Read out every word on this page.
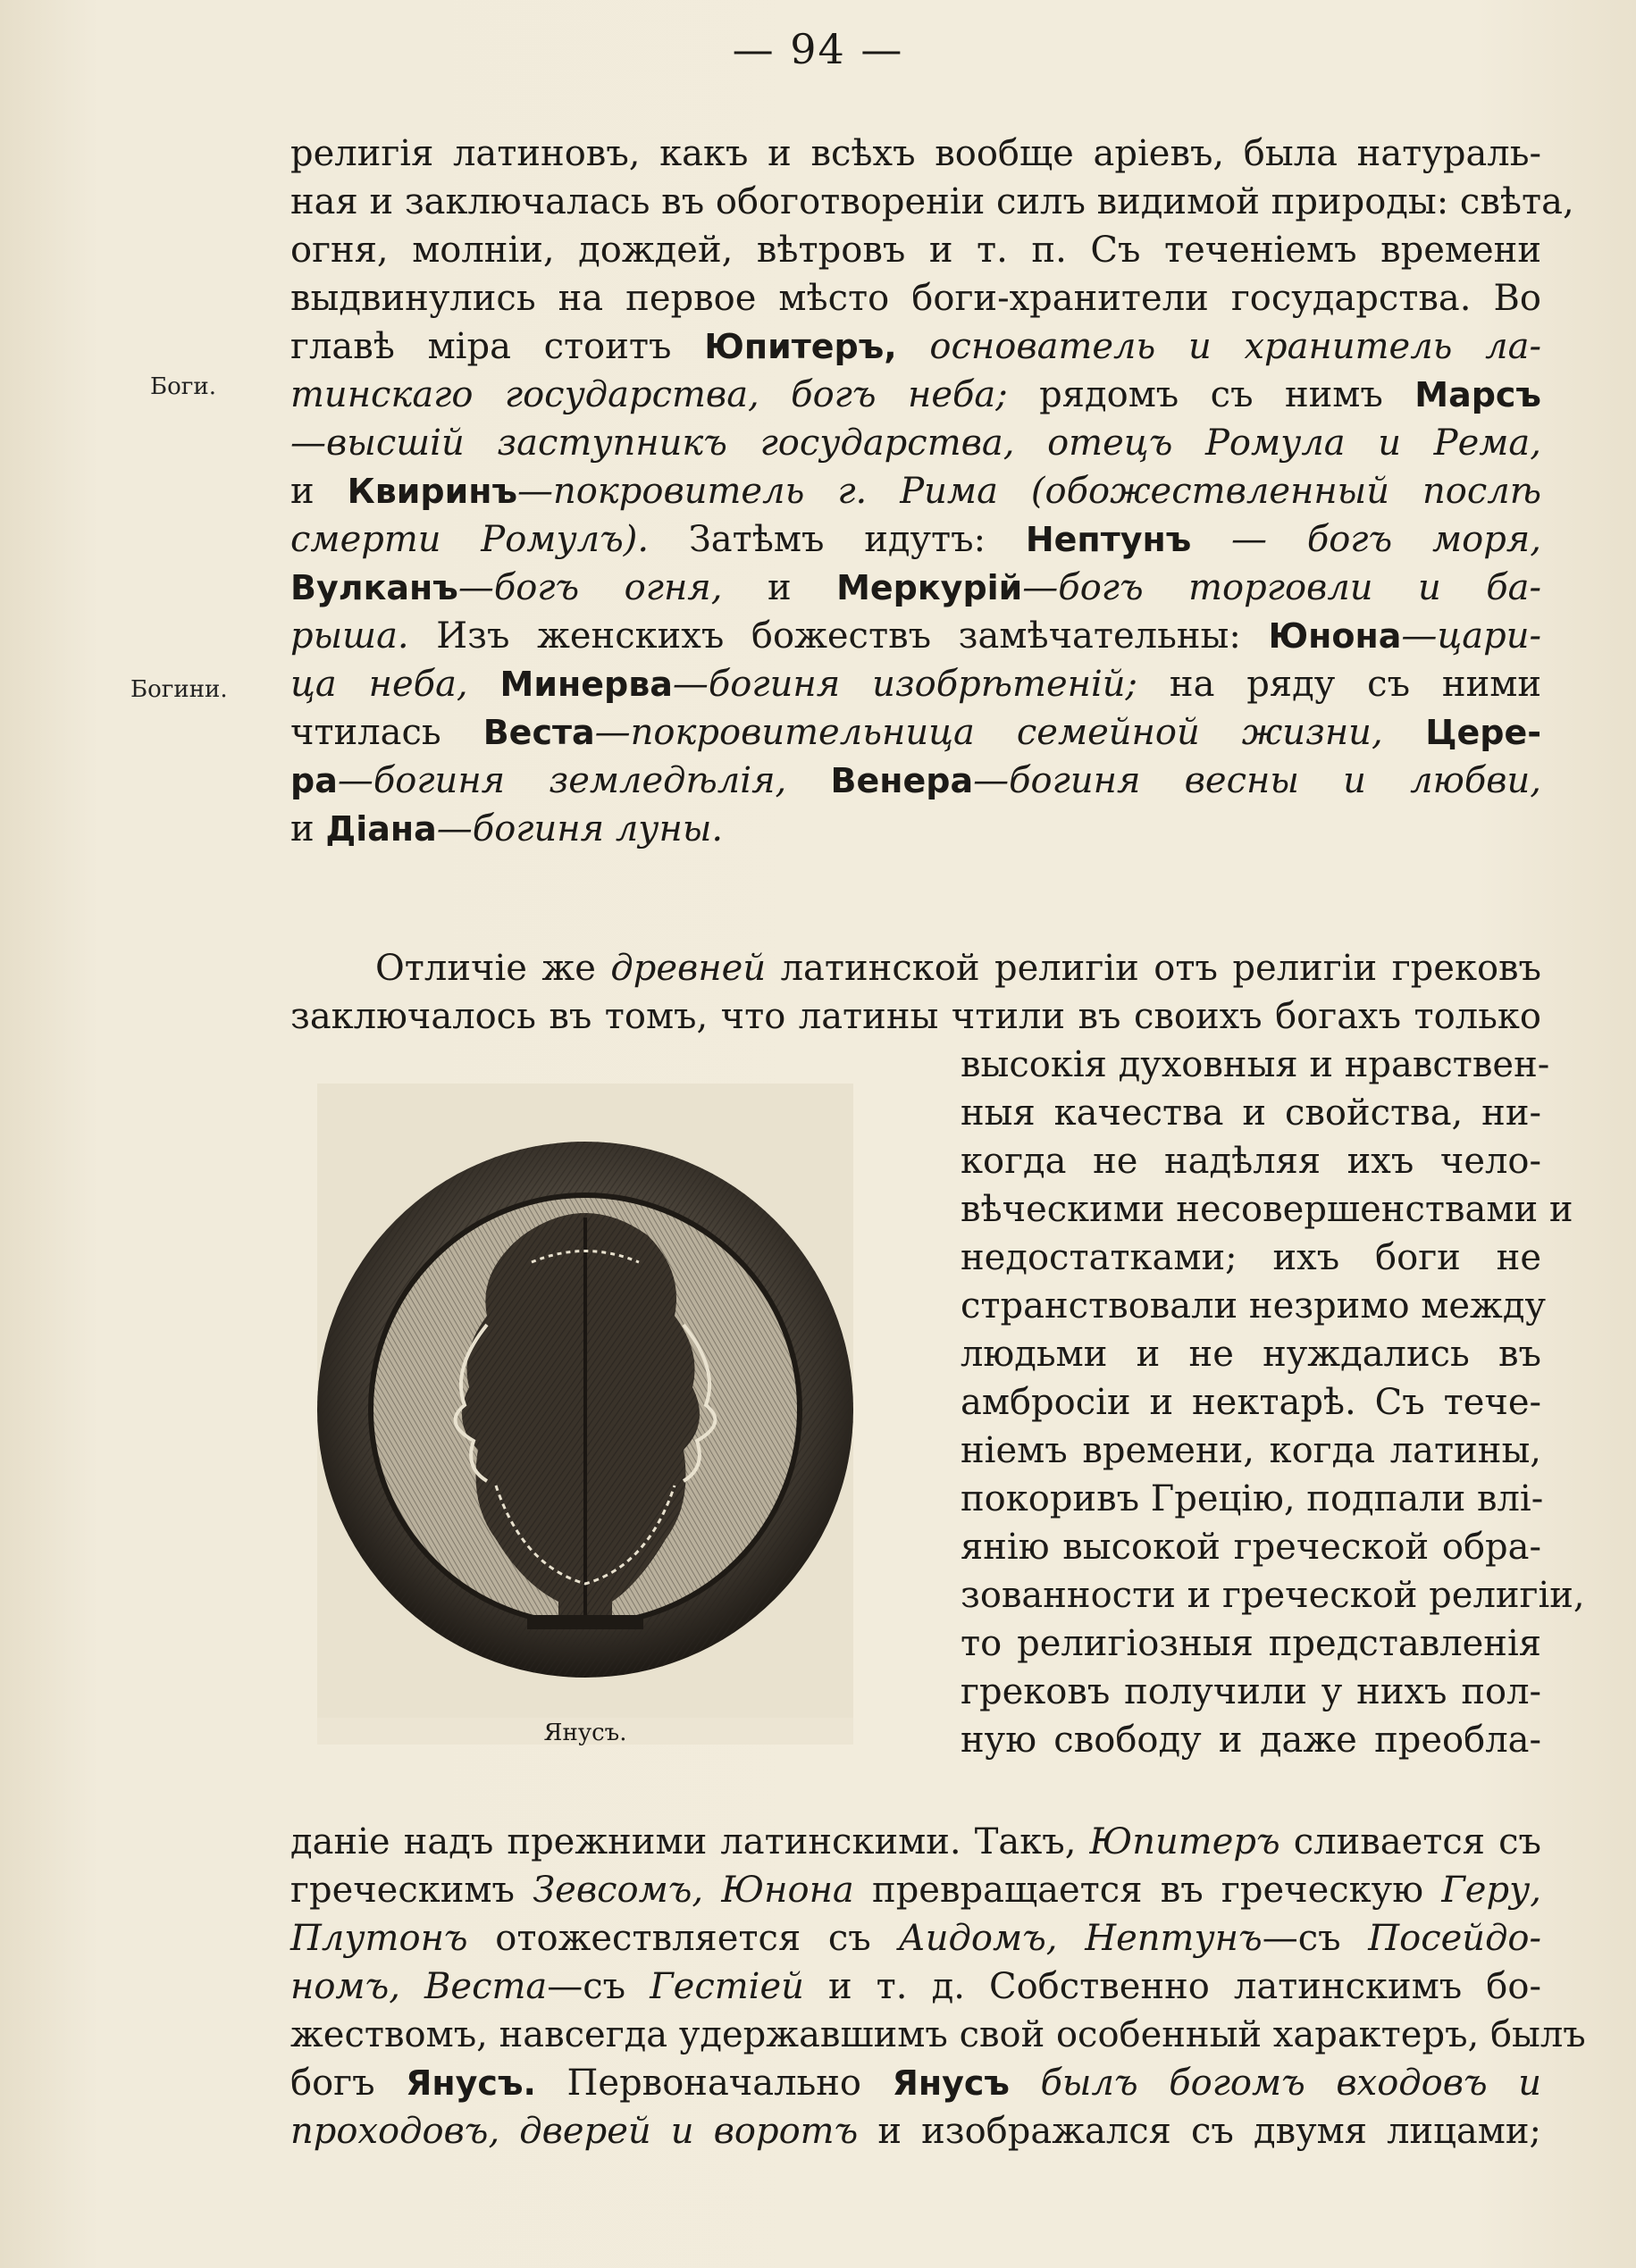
— 94 —

Боги.
Богини.
религія латиновъ, какъ и всѣхъ вообще аріевъ, была натураль-
ная и заключалась въ обоготвореніи силъ видимой природы: свѣта,
огня, молніи, дождей, вѣтровъ и т. п. Съ теченіемъ времени
выдвинулись на первое мѣсто боги-хранители государства. Во
главѣ міра стоитъ Юпитеръ, основатель и хранитель ла-
тинскаго государства, богъ неба; рядомъ съ нимъ Марсъ
—высшій заступникъ государства, отецъ Ромула и Рема,
и Квиринъ—покровитель г. Рима (обожествленный послѣ
смерти Ромулъ). Затѣмъ идутъ: Нептунъ — богъ моря,
Вулканъ—богъ огня, и Меркурій—богъ торговли и ба-
рыша. Изъ женскихъ божествъ замѣчательны: Юнона—цари-
ца неба, Минерва—богиня изобрѣтеній; на ряду съ ними
чтилась Веста—покровительница семейной жизни, Цере-
ра—богиня земледѣлія, Венера—богиня весны и любви,
и Діана—богиня луны.
Отличіе же древней латинской религіи отъ религіи грековъ
заключалось въ томъ, что латины чтили въ своихъ богахъ только
Янусъ.
высокія духовныя и нравствен-
ныя качества и свойства, ни-
когда не надѣляя ихъ чело-
вѣческими несовершенствами и
недостатками; ихъ боги не
странствовали незримо между
людьми и не нуждались въ
амбросіи и нектарѣ. Съ тече-
ніемъ времени, когда латины,
покоривъ Грецію, подпали влі-
янію высокой греческой обра-
зованности и греческой религіи,
то религіозныя представленія
грековъ получили у нихъ пол-
ную свободу и даже преобла-
даніе надъ прежними латинскими. Такъ, Юпитеръ сливается съ
греческимъ Зевсомъ, Юнона превращается въ греческую Геру,
Плутонъ отожествляется съ Аидомъ, Нептунъ—съ Посейдо-
номъ, Веста—съ Гестіей и т. д. Собственно латинскимъ бо-
жествомъ, навсегда удержавшимъ свой особенный характеръ, былъ
богъ Янусъ. Первоначально Янусъ былъ богомъ входовъ и
проходовъ, дверей и воротъ и изображался съ двумя лицами;
